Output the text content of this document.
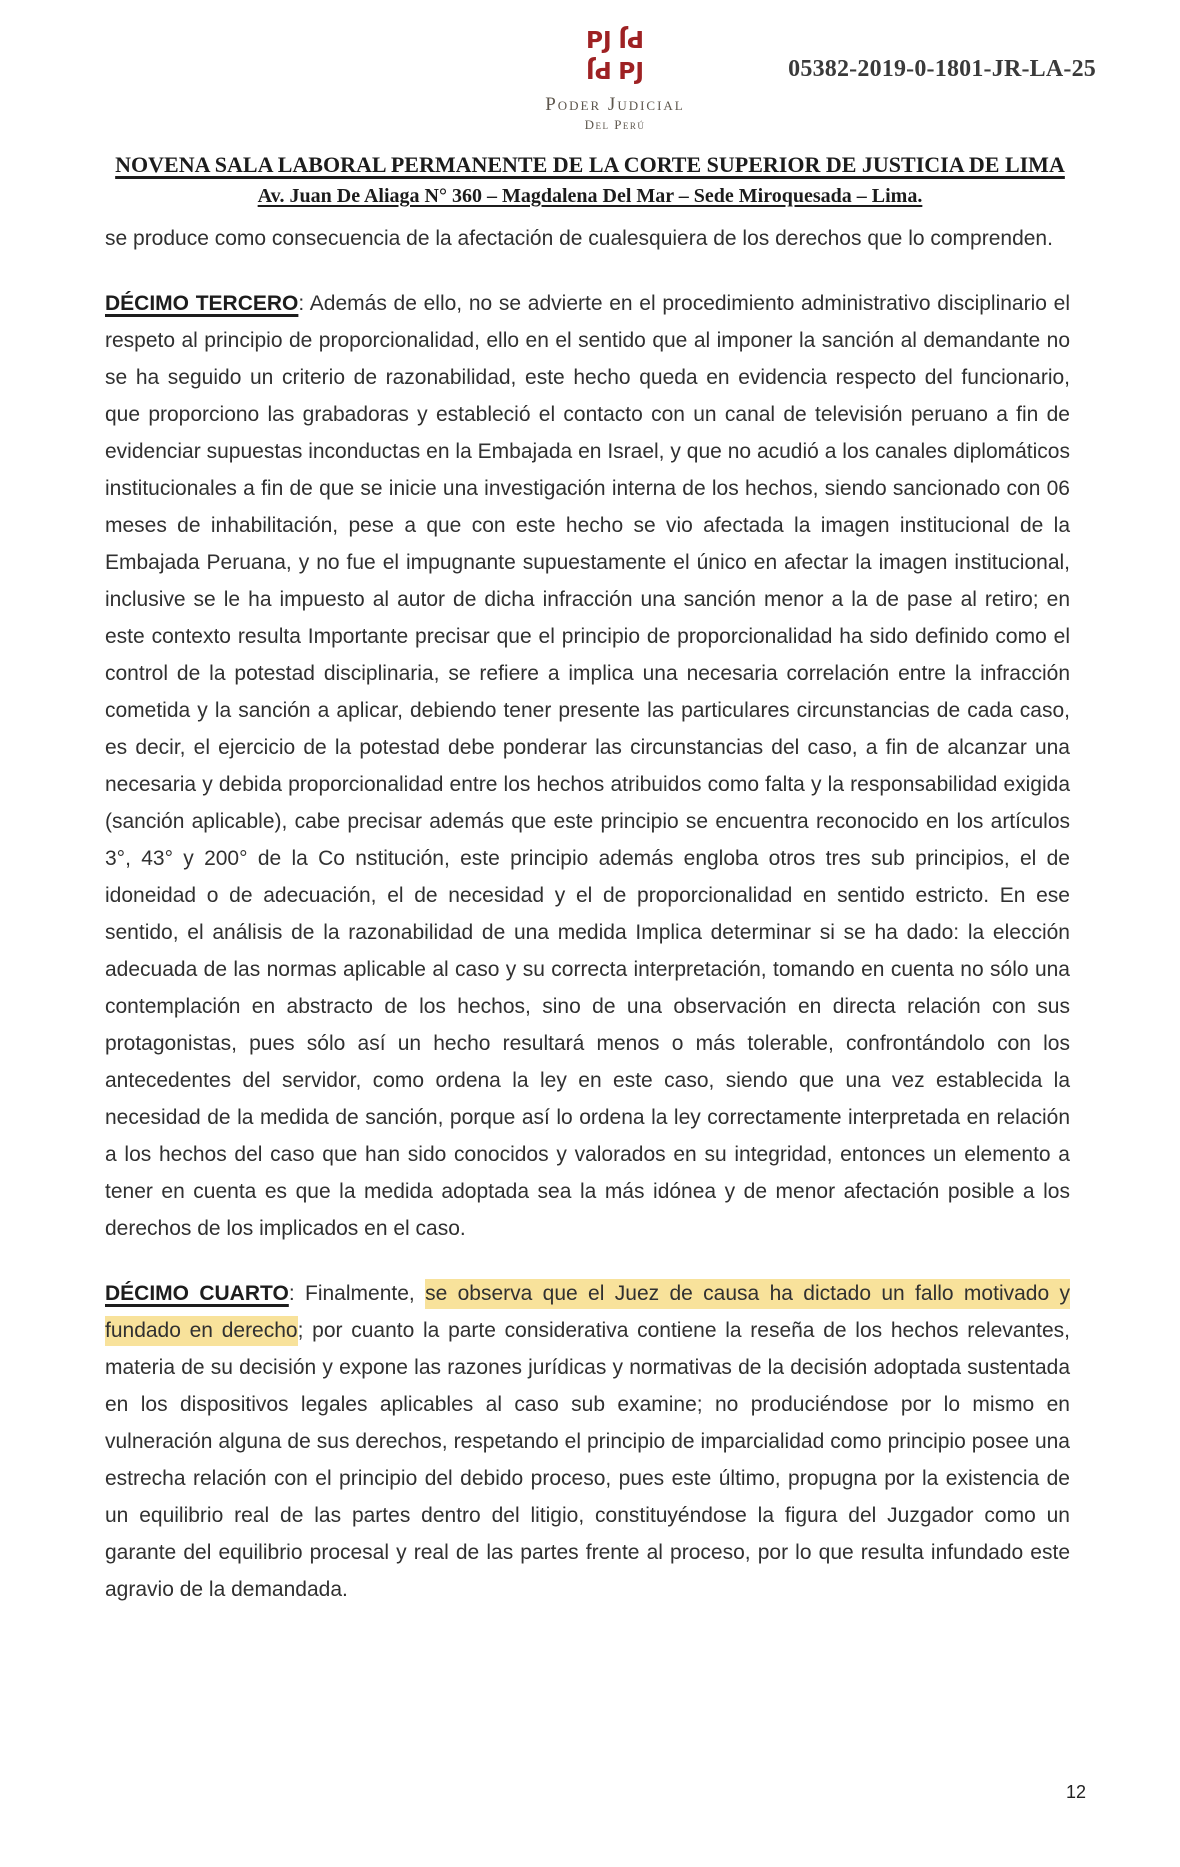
PJ PJ
PJ PJ
Poder Judicial
Del Perú
05382-2019-0-1801-JR-LA-25
NOVENA SALA LABORAL PERMANENTE DE LA CORTE SUPERIOR DE JUSTICIA DE LIMA
Av. Juan De Aliaga N° 360 – Magdalena Del Mar – Sede Miroquesada – Lima.

se produce como consecuencia de la afectación de cualesquiera de los derechos que lo comprenden.

DÉCIMO TERCERO: Además de ello, no se advierte en el procedimiento administrativo disciplinario el respeto al principio de proporcionalidad, ello en el sentido que al imponer la sanción al demandante no se ha seguido un criterio de razonabilidad, este hecho queda en evidencia respecto del funcionario, que proporciono las grabadoras y estableció el contacto con un canal de televisión peruano a fin de evidenciar supuestas inconductas en la Embajada en Israel, y que no acudió a los canales diplomáticos institucionales a fin de que se inicie una investigación interna de los hechos, siendo sancionado con 06 meses de inhabilitación, pese a que con este hecho se vio afectada la imagen institucional de la Embajada Peruana, y no fue el impugnante supuestamente el único en afectar la imagen institucional, inclusive se le ha impuesto al autor de dicha infracción una sanción menor a la de pase al retiro; en este contexto resulta Importante precisar que el principio de proporcionalidad ha sido definido como el control de la potestad disciplinaria, se refiere a implica una necesaria correlación entre la infracción cometida y la sanción a aplicar, debiendo tener presente las particulares circunstancias de cada caso, es decir, el ejercicio de la potestad debe ponderar las circunstancias del caso, a fin de alcanzar una necesaria y debida proporcionalidad entre los hechos atribuidos como falta y la responsabilidad exigida (sanción aplicable), cabe precisar además que este principio se encuentra reconocido en los artículos 3°, 43° y 200° de la Co nstitución, este principio además engloba otros tres sub principios, el de idoneidad o de adecuación, el de necesidad y el de proporcionalidad en sentido estricto. En ese sentido, el análisis de la razonabilidad de una medida Implica determinar si se ha dado: la elección adecuada de las normas aplicable al caso y su correcta interpretación, tomando en cuenta no sólo una contemplación en abstracto de los hechos, sino de una observación en directa relación con sus protagonistas, pues sólo así un hecho resultará menos o más tolerable, confrontándolo con los antecedentes del servidor, como ordena la ley en este caso, siendo que una vez establecida la necesidad de la medida de sanción, porque así lo ordena la ley correctamente interpretada en relación a los hechos del caso que han sido conocidos y valorados en su integridad, entonces un elemento a tener en cuenta es que la medida adoptada sea la más idónea y de menor afectación posible a los derechos de los implicados en el caso.

DÉCIMO CUARTO: Finalmente, se observa que el Juez de causa ha dictado un fallo motivado y fundado en derecho; por cuanto la parte considerativa contiene la reseña de los hechos relevantes, materia de su decisión y expone las razones jurídicas y normativas de la decisión adoptada sustentada en los dispositivos legales aplicables al caso sub examine; no produciéndose por lo mismo en vulneración alguna de sus derechos, respetando el principio de imparcialidad como principio posee una estrecha relación con el principio del debido proceso, pues este último, propugna por la existencia de un equilibrio real de las partes dentro del litigio, constituyéndose la figura del Juzgador como un garante del equilibrio procesal y real de las partes frente al proceso, por lo que resulta infundado este agravio de la demandada.

12
